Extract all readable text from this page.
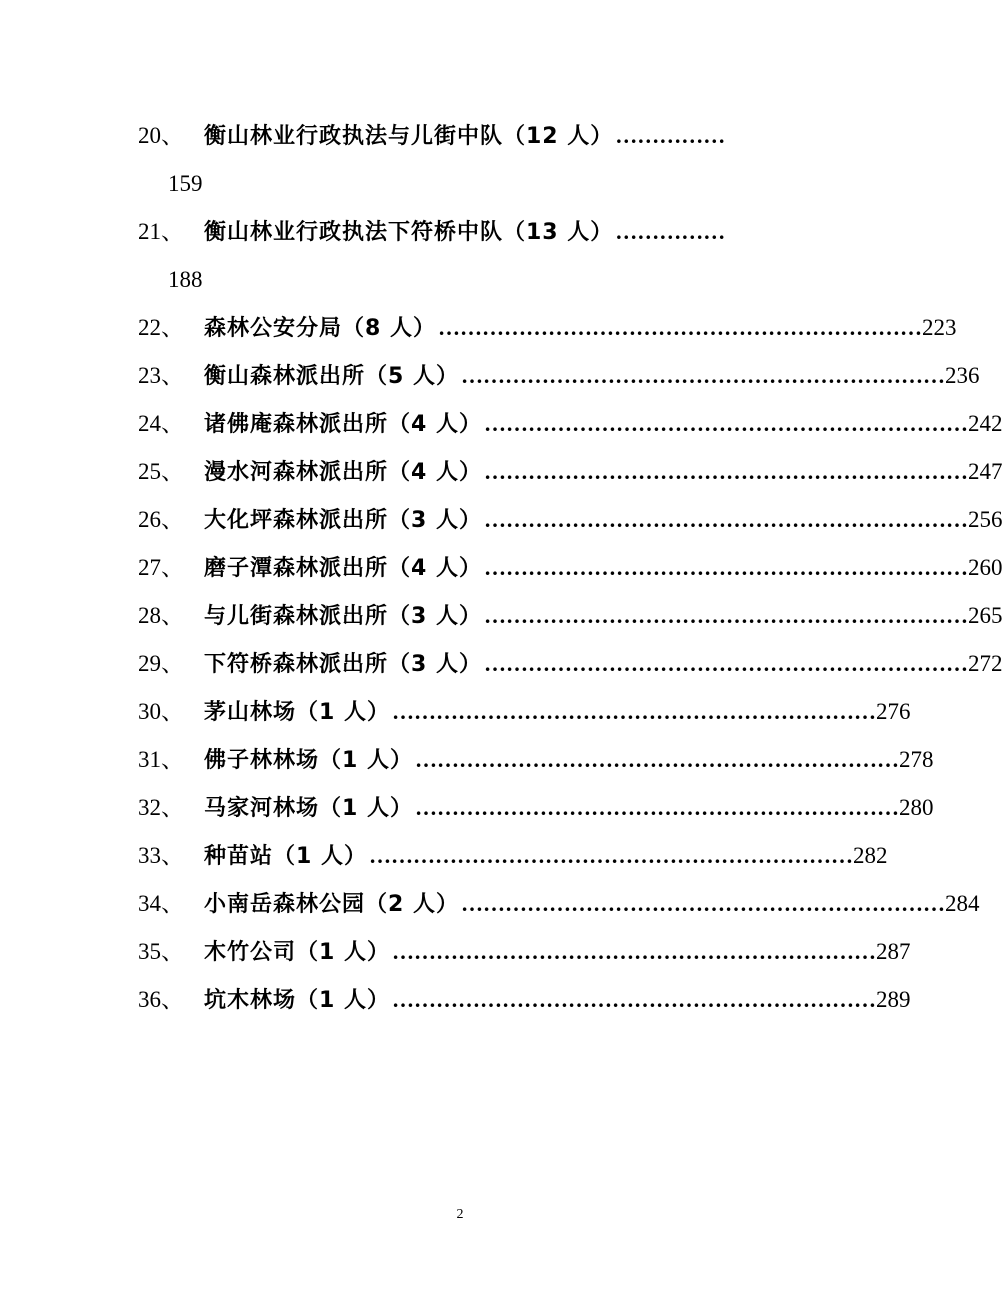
20、 衡山林业行政执法与儿街中队（12 人） ……………
159
21、 衡山林业行政执法下符桥中队（13 人） ……………
188
22、 森林公安分局（8 人） ………………………………………………………… 223
23、 衡山森林派出所（5 人） ………………………………………………………… 236
24、 诸佛庵森林派出所（4 人） ………………………………………………………… 242
25、 漫水河森林派出所（4 人） ………………………………………………………… 247
26、 大化坪森林派出所（3 人） ………………………………………………………… 256
27、 磨子潭森林派出所（4 人） ………………………………………………………… 260
28、 与儿街森林派出所（3 人） ………………………………………………………… 265
29、 下符桥森林派出所（3 人） ………………………………………………………… 272
30、 茅山林场（1 人） ………………………………………………………… 276
31、 佛子林林场（1 人） ………………………………………………………… 278
32、 马家河林场（1 人） ………………………………………………………… 280
33、 种苗站（1 人） ………………………………………………………… 282
34、 小南岳森林公园（2 人） ………………………………………………………… 284
35、 木竹公司（1 人） ………………………………………………………… 287
36、 坑木林场（1 人） ………………………………………………………… 289
2
